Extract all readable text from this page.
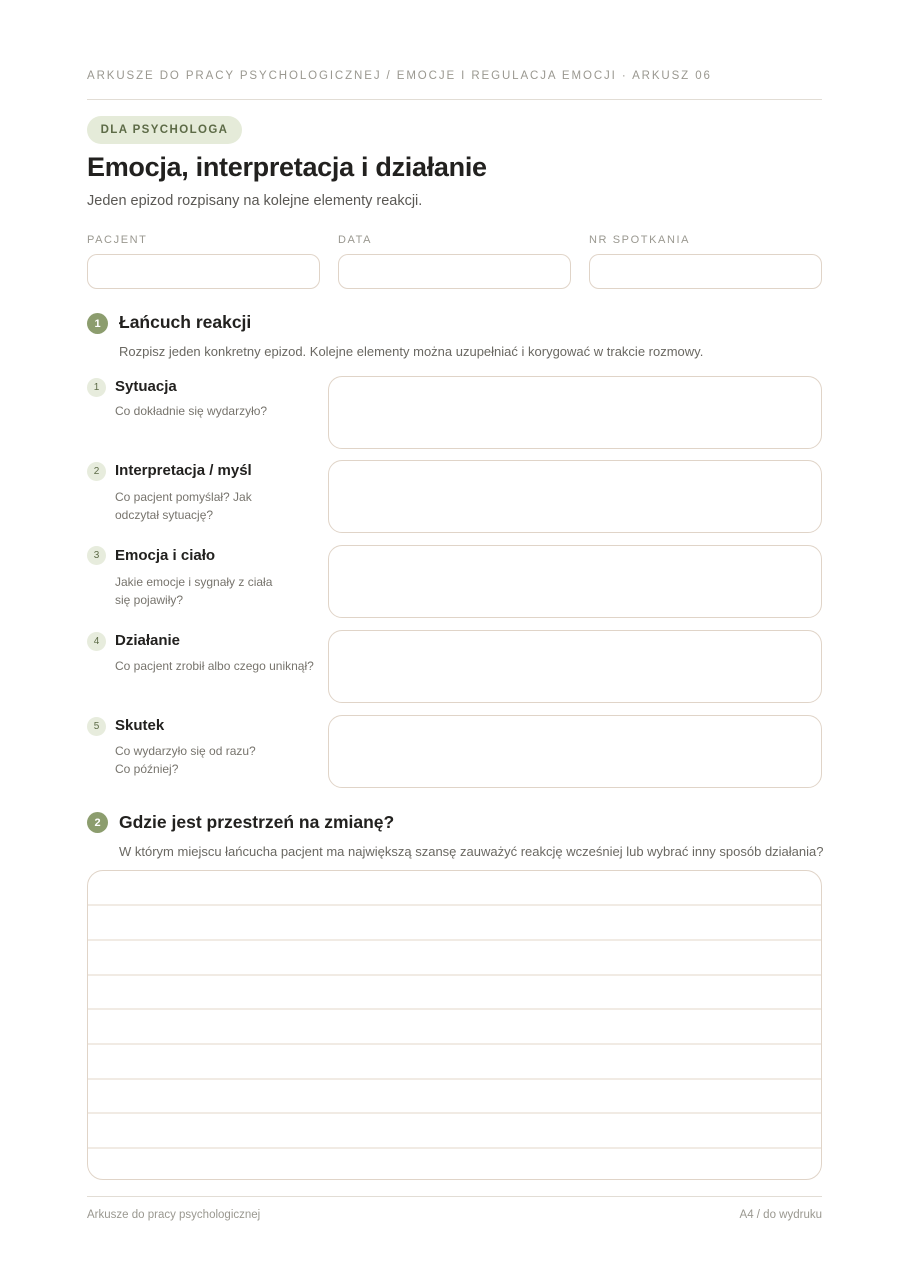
ARKUSZE DO PRACY PSYCHOLOGICZNEJ / EMOCJE I REGULACJA EMOCJI · ARKUSZ 06
DLA PSYCHOLOGA
Emocja, interpretacja i działanie
Jeden epizod rozpisany na kolejne elementy reakcji.
PACJENT	DATA	NR SPOTKANIA
1	Łańcuch reakcji
Rozpisz jeden konkretny epizod. Kolejne elementy można uzupełniać i korygować w trakcie rozmowy.
1	Sytuacja
Co dokładnie się wydarzyło?
2	Interpretacja / myśl
Co pacjent pomyślał? Jak odczytał sytuację?
3	Emocja i ciało
Jakie emocje i sygnały z ciała się pojawiły?
4	Działanie
Co pacjent zrobił albo czego uniknął?
5	Skutek
Co wydarzyło się od razu? Co później?
2	Gdzie jest przestrzeń na zmianę?
W którym miejscu łańcucha pacjent ma największą szansę zauważyć reakcję wcześniej lub wybrać inny sposób działania?
Arkusze do pracy psychologicznej	A4 / do wydruku
